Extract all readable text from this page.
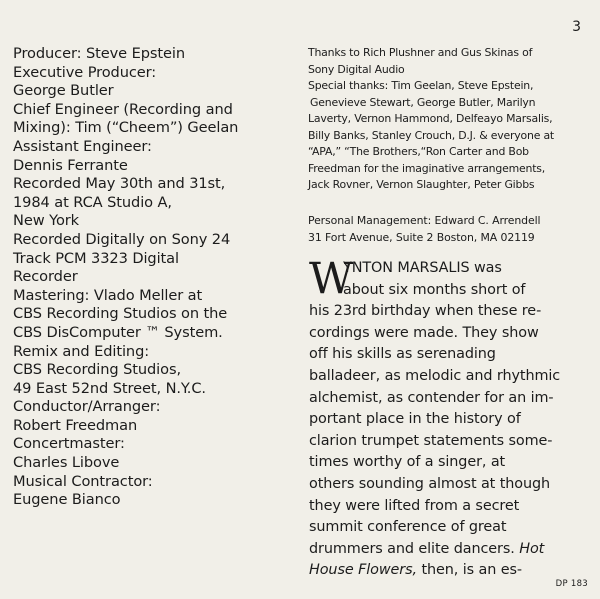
3
Producer: Steve Epstein
Executive Producer:
George Butler
Chief Engineer (Recording and
Mixing): Tim (“Cheem”) Geelan
Assistant Engineer:
Dennis Ferrante
Recorded May 30th and 31st,
1984 at RCA Studio A,
New York
Recorded Digitally on Sony 24
Track PCM 3323 Digital
Recorder
Mastering: Vlado Meller at
CBS Recording Studios on the
CBS DisComputer ™ System.
Remix and Editing:
CBS Recording Studios,
49 East 52nd Street, N.Y.C.
Conductor/Arranger:
Robert Freedman
Concertmaster:
Charles Libove
Musical Contractor:
Eugene Bianco
Thanks to Rich Plushner and Gus Skinas of
Sony Digital Audio
Special thanks: Tim Geelan, Steve Epstein,
Genevieve Stewart, George Butler, Marilyn
Laverty, Vernon Hammond, Delfeayo Marsalis,
Billy Banks, Stanley Crouch, D.J. & everyone at
“APA,” “The Brothers,“Ron Carter and Bob
Freedman for the imaginative arrangements,
Jack Rovner, Vernon Slaughter, Peter Gibbs
Personal Management: Edward C. Arrendell
31 Fort Avenue, Suite 2 Boston, MA 02119
W
YNTON MARSALIS was
about six months short of
his 23rd birthday when these re-
cordings were made. They show
off his skills as serenading
balladeer, as melodic and rhythmic
alchemist, as contender for an im-
portant place in the history of
clarion trumpet statements some-
times worthy of a singer, at
others sounding almost at though
they were lifted from a secret
summit conference of great
drummers and elite dancers. Hot
House Flowers, then, is an es-
DP 183
